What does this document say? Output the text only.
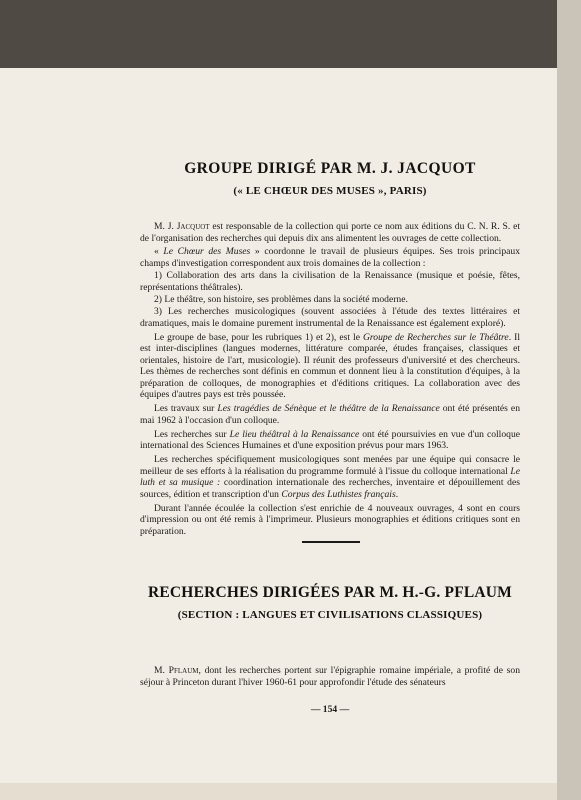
GROUPE DIRIGÉ PAR M. J. JACQUOT
(« LE CHŒUR DES MUSES », PARIS)

M. J. Jacquot est responsable de la collection qui porte ce nom aux éditions du C. N. R. S. et de l'organisation des recherches qui depuis dix ans alimentent les ouvrages de cette collection.

« Le Chœur des Muses » coordonne le travail de plusieurs équipes. Ses trois principaux champs d'investigation correspondent aux trois domaines de la collection :

1) Collaboration des arts dans la civilisation de la Renaissance (musique et poésie, fêtes, représentations théâtrales).

2) Le théâtre, son histoire, ses problèmes dans la société moderne.

3) Les recherches musicologiques (souvent associées à l'étude des textes littéraires et dramatiques, mais le domaine purement instrumental de la Renaissance est également exploré).

Le groupe de base, pour les rubriques 1) et 2), est le Groupe de Recherches sur le Théâtre. Il est inter-disciplines (langues modernes, littérature comparée, études françaises, classiques et orientales, histoire de l'art, musicologie). Il réunit des professeurs d'université et des chercheurs. Les thèmes de recherches sont définis en commun et donnent lieu à la constitution d'équipes, à la préparation de colloques, de monographies et d'éditions critiques. La collaboration avec des équipes d'autres pays est très poussée.

Les travaux sur Les tragédies de Sénèque et le théâtre de la Renaissance ont été présentés en mai 1962 à l'occasion d'un colloque.

Les recherches sur Le lieu théâtral à la Renaissance ont été poursuivies en vue d'un colloque international des Sciences Humaines et d'une exposition prévus pour mars 1963.

Les recherches spécifiquement musicologiques sont menées par une équipe qui consacre le meilleur de ses efforts à la réalisation du programme formulé à l'issue du colloque international Le luth et sa musique : coordination internationale des recherches, inventaire et dépouillement des sources, édition et transcription d'un Corpus des Luthistes français.

Durant l'année écoulée la collection s'est enrichie de 4 nouveaux ouvrages, 4 sont en cours d'impression ou ont été remis à l'imprimeur. Plusieurs monographies et éditions critiques sont en préparation.

RECHERCHES DIRIGÉES PAR M. H.-G. PFLAUM
(SECTION : LANGUES ET CIVILISATIONS CLASSIQUES)

M. Pflaum, dont les recherches portent sur l'épigraphie romaine impériale, a profité de son séjour à Princeton durant l'hiver 1960-61 pour approfondir l'étude des sénateurs

— 154 —
